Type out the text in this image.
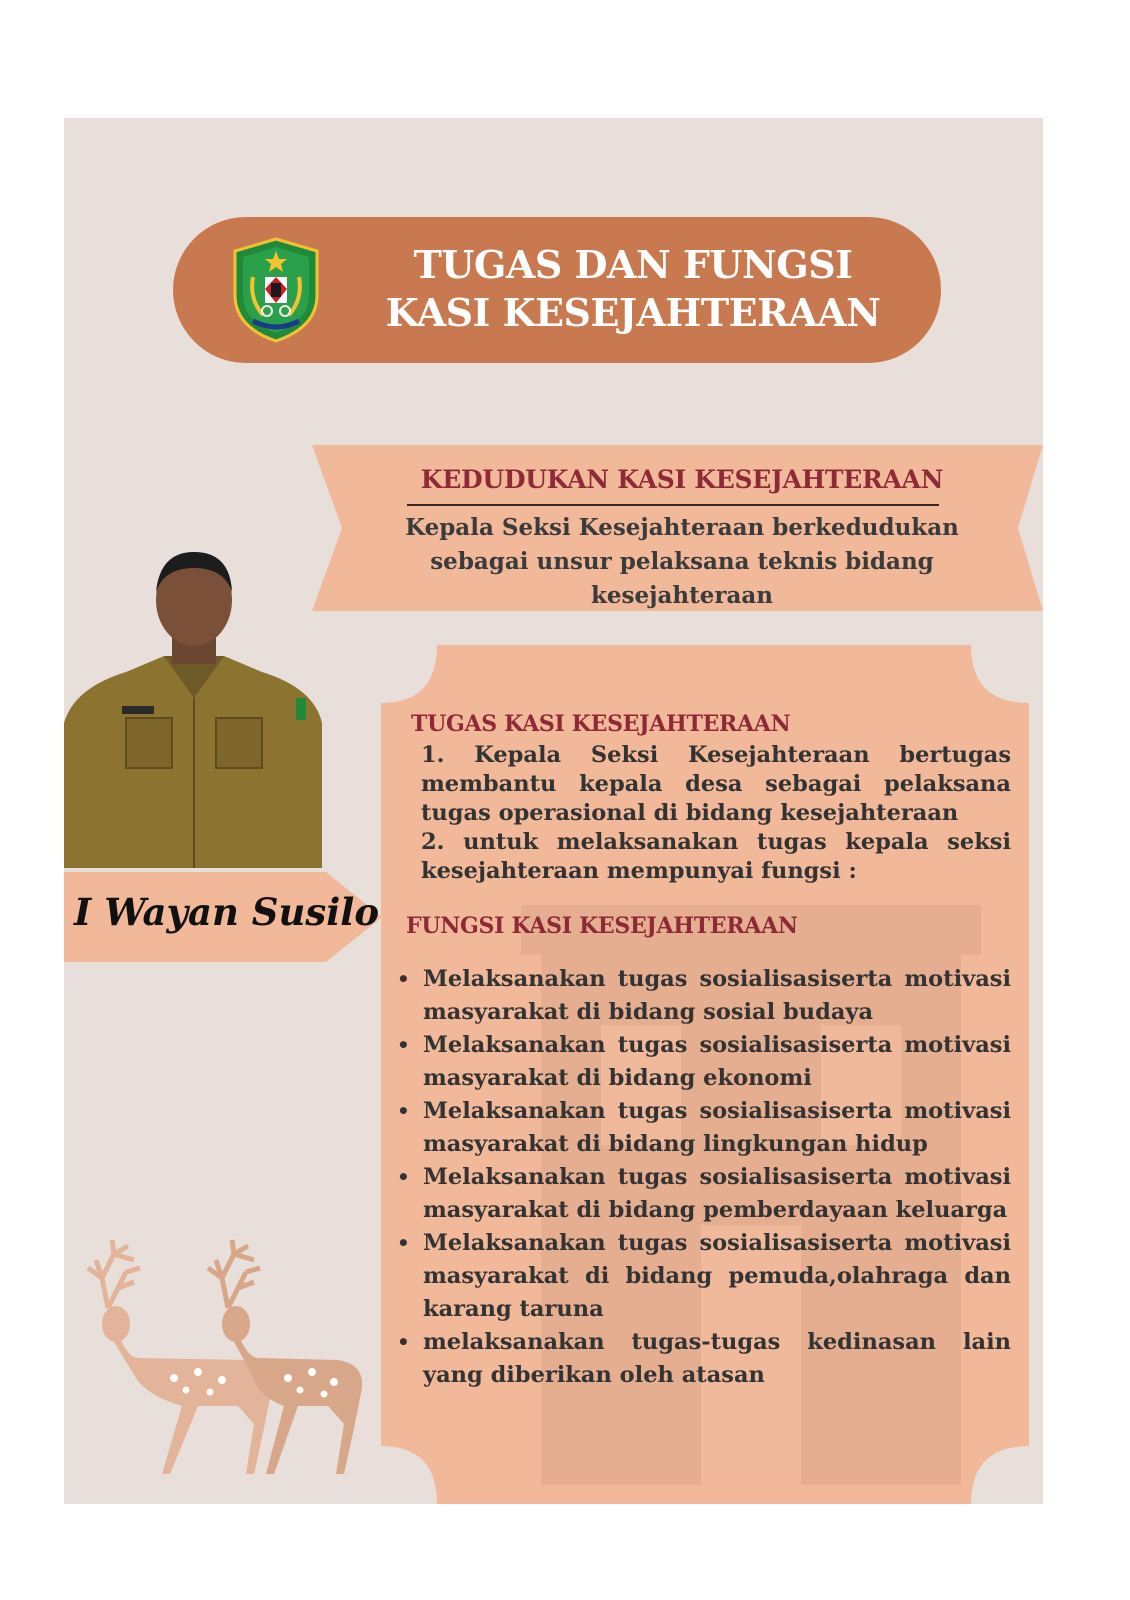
TUGAS DAN FUNGSI
KASI KESEJAHTERAAN
KEDUDUKAN KASI KESEJAHTERAAN
Kepala Seksi Kesejahteraan berkedudukan sebagai unsur pelaksana teknis bidang kesejahteraan
I Wayan Susilo
TUGAS KASI KESEJAHTERAAN

1. Kepala Seksi Kesejahteraan bertugas membantu kepala desa sebagai pelaksana tugas operasional di bidang kesejahteraan

2. untuk melaksanakan tugas kepala seksi kesejahteraan mempunyai fungsi :

FUNGSI KASI KESEJAHTERAAN
• Melaksanakan tugas sosialisasiserta motivasi masyarakat di bidang sosial budaya
• Melaksanakan tugas sosialisasiserta motivasi masyarakat di bidang ekonomi
• Melaksanakan tugas sosialisasiserta motivasi masyarakat di bidang lingkungan hidup
• Melaksanakan tugas sosialisasiserta motivasi masyarakat di bidang pemberdayaan keluarga
• Melaksanakan tugas sosialisasiserta motivasi masyarakat di bidang pemuda,olahraga dan karang taruna
• melaksanakan tugas-tugas kedinasan lain yang diberikan oleh atasan
